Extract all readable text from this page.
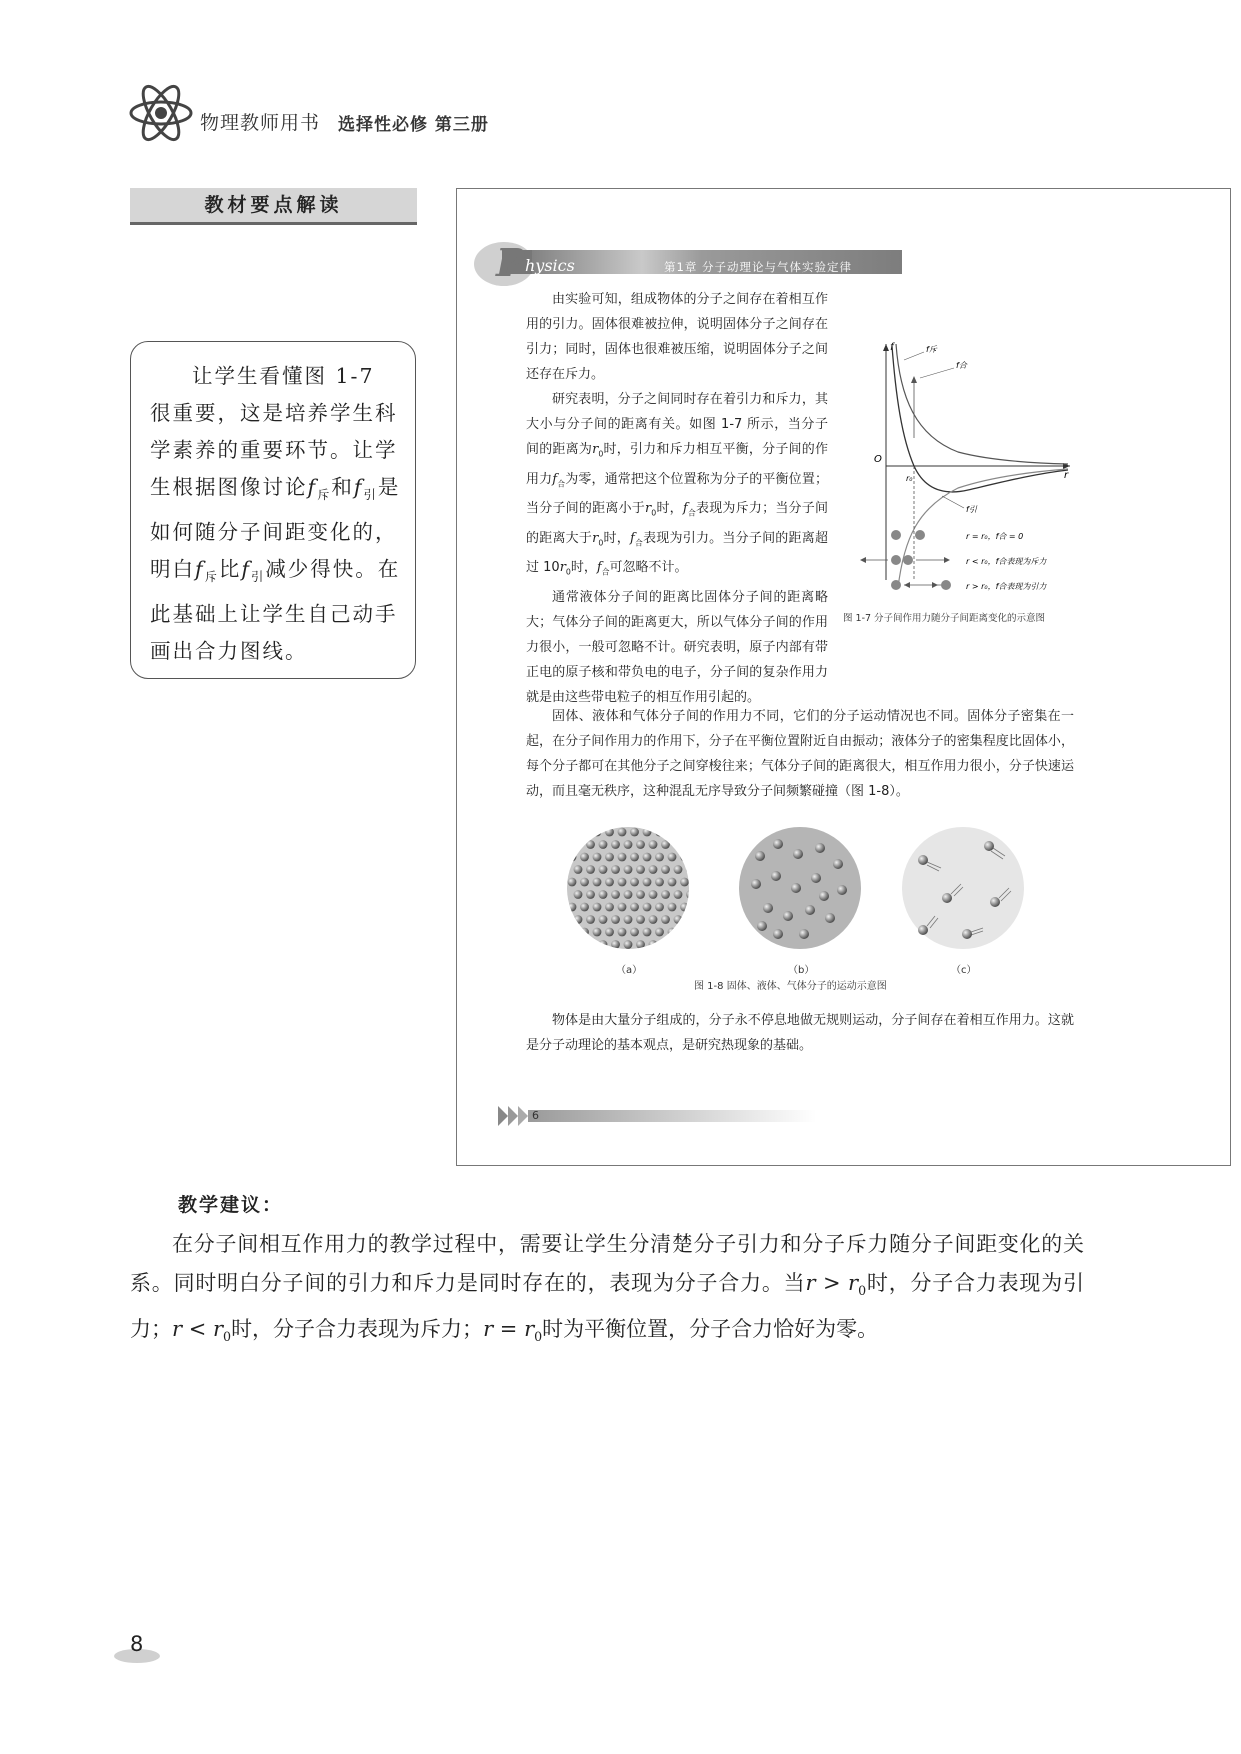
物理教师用书 选择性必修 第三册
教材要点解读

让学生看懂图 1-7 很重要，这是培养学生科学素养的重要环节。让学生根据图像讨论$f_斥$和$f_引$是如何随分子间距变化的，明白$f_斥$比$f_引$减少得快。在此基础上让学生自己动手画出合力图线。

P hysics	第1章 分子动理论与气体实验定律

由实验可知，组成物体的分子之间存在着相互作用的引力。固体很难被拉伸，说明固体分子之间存在引力；同时，固体也很难被压缩，说明固体分子之间还存在斥力。

研究表明，分子之间同时存在着引力和斥力，其大小与分子间的距离有关。如图 1-7 所示，当分子间的距离为$r_0$时，引力和斥力相互平衡，分子间的作用力$f_合$为零，通常把这个位置称为分子的平衡位置；当分子间的距离小于$r_0$时，$f_合$表现为斥力；当分子间的距离大于$r_0$时，$f_合$表现为引力。当分子间的距离超过 $10r_0$时，$f_合$可忽略不计。

通常液体分子间的距离比固体分子间的距离略大；气体分子间的距离更大，所以气体分子间的作用力很小，一般可忽略不计。研究表明，原子内部有带正电的原子核和带负电的电子，分子间的复杂作用力就是由这些带电粒子的相互作用引起的。

f
r
O
r₀
f斥
f合
f引
r = r₀，f合 = 0
r < r₀，f合表现为斥力
r > r₀，f合表现为引力
图 1-7 分子间作用力随分子间距离变化的示意图

固体、液体和气体分子间的作用力不同，它们的分子运动情况也不同。固体分子密集在一起，在分子间作用力的作用下，分子在平衡位置附近自由振动；液体分子的密集程度比固体小，每个分子都可在其他分子之间穿梭往来；气体分子间的距离很大，相互作用力很小，分子快速运动，而且毫无秩序，这种混乱无序导致分子间频繁碰撞（图 1-8）。

（a）	（b）	（c）
图 1-8 固体、液体、气体分子的运动示意图

物体是由大量分子组成的，分子永不停息地做无规则运动，分子间存在着相互作用力。这就是分子动理论的基本观点，是研究热现象的基础。

6
教学建议：

在分子间相互作用力的教学过程中，需要让学生分清楚分子引力和分子斥力随分子间距变化的关系。同时明白分子间的引力和斥力是同时存在的，表现为分子合力。当$r > r_0$时，分子合力表现为引力；$r < r_0$时，分子合力表现为斥力；$r = r_0$时为平衡位置，分子合力恰好为零。

8
